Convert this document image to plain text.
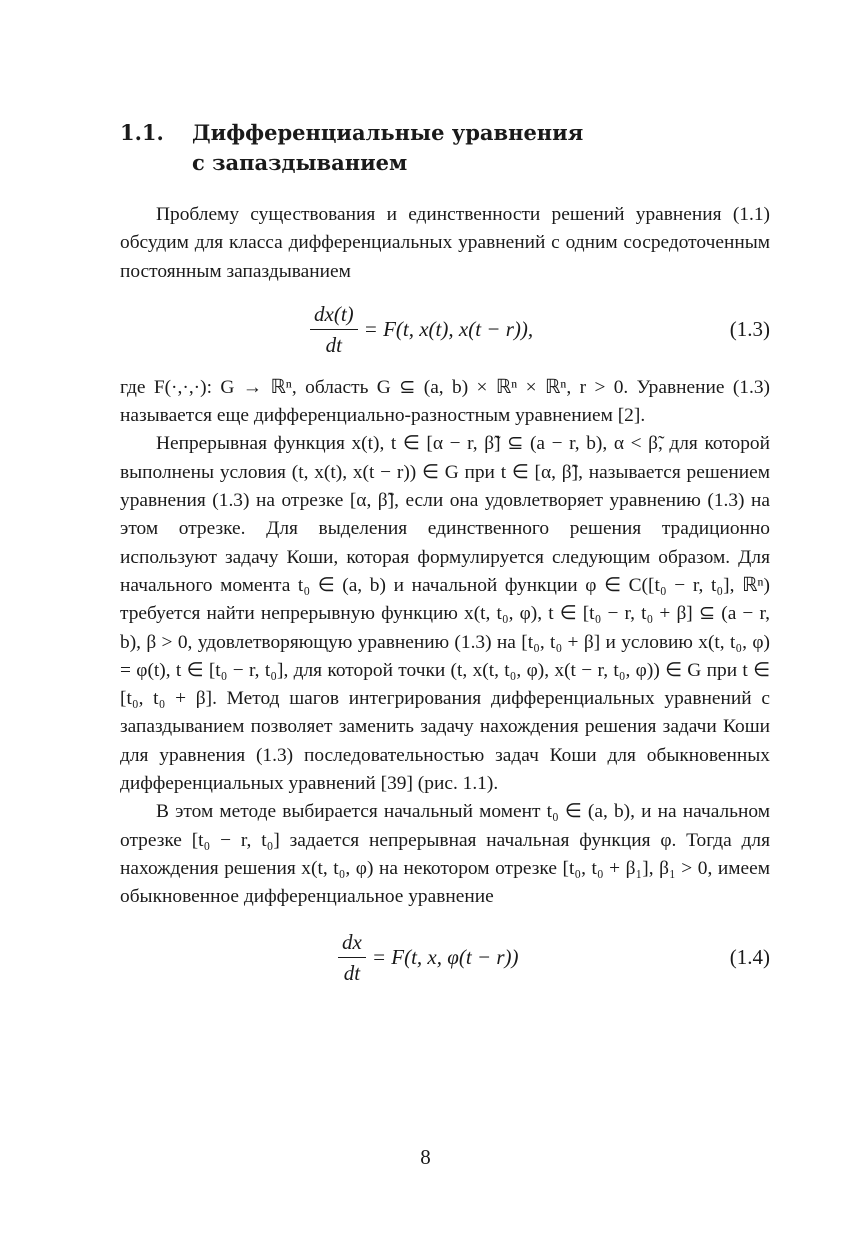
1.1.	Дифференциальные уравнения
с запаздыванием

Проблему существования и единственности решений уравнения (1.1) обсудим для класса дифференциальных уравнений с одним сосредоточенным постоянным запаздыванием

$\frac{dx(t)}{dt} = F(t$, x(t), x(t − r)),	(1.3)

где F(·,·,·): G → ℝⁿ, область G ⊆ (a, b) × ℝⁿ × ℝⁿ, r > 0. Уравнение (1.3) называется еще дифференциально-разностным уравнением [2].

Непрерывная функция x(t), t ∈ [α − r, β̃] ⊆ (a − r, b), α < β̃, для которой выполнены условия (t, x(t), x(t − r)) ∈ G при t ∈ [α, β̃], называется решением уравнения (1.3) на отрезке [α, β̃], если она удовлетворяет уравнению (1.3) на этом отрезке. Для выделения единственного решения традиционно используют задачу Коши, которая формулируется следующим образом. Для начального момента t₀ ∈ (a, b) и начальной функции φ ∈ C([t₀ − r, t₀], ℝⁿ) требуется найти непрерывную функцию x(t, t₀, φ), t ∈ [t₀ − r, t₀ + β] ⊆ (a − r, b), β > 0, удовлетворяющую уравнению (1.3) на [t₀, t₀ + β] и условию x(t, t₀, φ) = φ(t), t ∈ [t₀ − r, t₀], для которой точки (t, x(t, t₀, φ), x(t − r, t₀, φ)) ∈ G при t ∈ [t₀, t₀ + β]. Метод шагов интегрирования дифференциальных уравнений с запаздыванием позволяет заменить задачу нахождения решения задачи Коши для уравнения (1.3) последовательностью задач Коши для обыкновенных дифференциальных уравнений [39] (рис. 1.1).

В этом методе выбирается начальный момент t₀ ∈ (a, b), и на начальном отрезке [t₀ − r, t₀] задается непрерывная начальная функция φ. Тогда для нахождения решения x(t, t₀, φ) на некотором отрезке [t₀, t₀ + β₁], β₁ > 0, имеем обыкновенное дифференциальное уравнение

$\frac{dx}{dt} = F(t$, x, φ(t − r))	(1.4)
8
